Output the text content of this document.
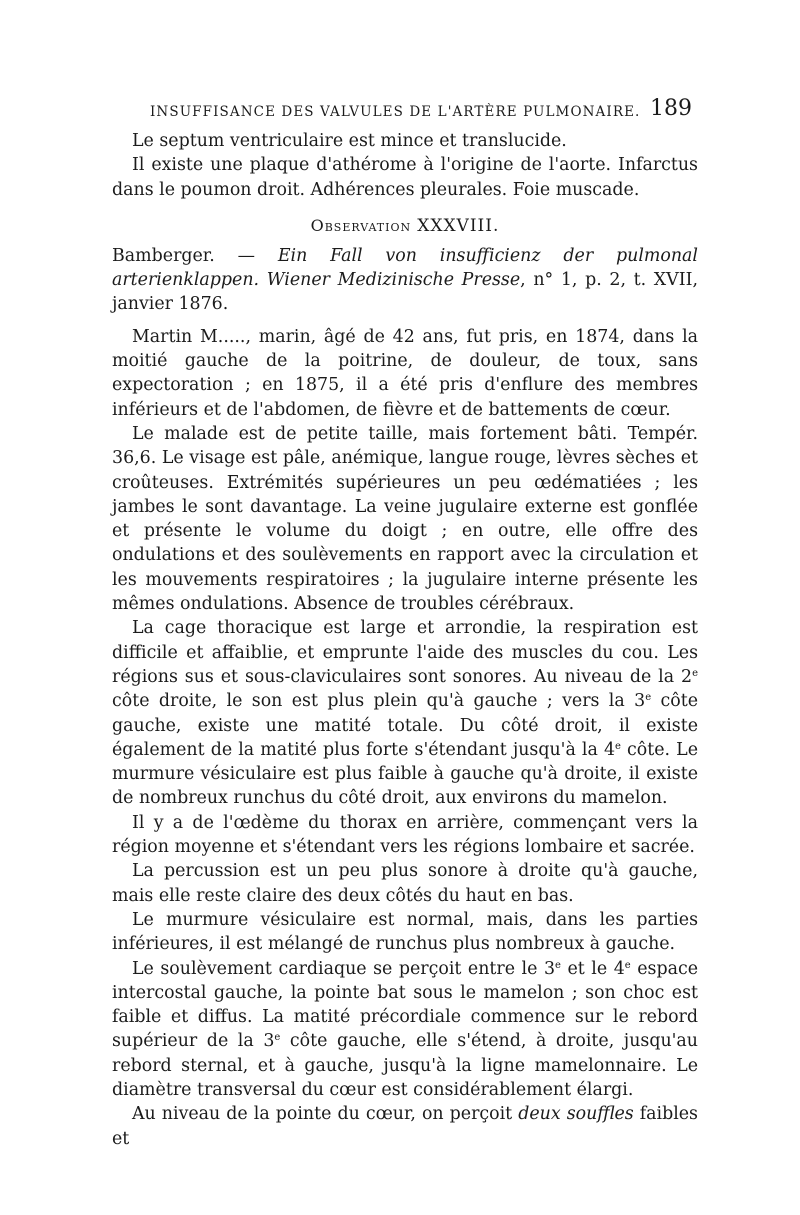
INSUFFISANCE DES VALVULES DE L'ARTÈRE PULMONAIRE. 189

Le septum ventriculaire est mince et translucide.

Il existe une plaque d'athérome à l'origine de l'aorte. Infarctus dans le poumon droit. Adhérences pleurales. Foie muscade.

Observation XXXVIII.
Bamberger. — Ein Fall von insufficienz der pulmonal arterienklappen. Wiener Medizinische Presse, n° 1, p. 2, t. XVII, janvier 1876.

Martin M....., marin, âgé de 42 ans, fut pris, en 1874, dans la moitié gauche de la poitrine, de douleur, de toux, sans expectoration ; en 1875, il a été pris d'enflure des membres inférieurs et de l'abdomen, de fièvre et de battements de cœur.

Le malade est de petite taille, mais fortement bâti. Tempér. 36,6. Le visage est pâle, anémique, langue rouge, lèvres sèches et croûteuses. Extrémités supérieures un peu œdématiées ; les jambes le sont davantage. La veine jugulaire externe est gonflée et présente le volume du doigt ; en outre, elle offre des ondulations et des soulèvements en rapport avec la circulation et les mouvements respiratoires ; la jugulaire interne présente les mêmes ondulations. Absence de troubles cérébraux.

La cage thoracique est large et arrondie, la respiration est difficile et affaiblie, et emprunte l'aide des muscles du cou. Les régions sus et sous-claviculaires sont sonores. Au niveau de la 2e côte droite, le son est plus plein qu'à gauche ; vers la 3e côte gauche, existe une matité totale. Du côté droit, il existe également de la matité plus forte s'étendant jusqu'à la 4e côte. Le murmure vésiculaire est plus faible à gauche qu'à droite, il existe de nombreux runchus du côté droit, aux environs du mamelon.

Il y a de l'œdème du thorax en arrière, commençant vers la région moyenne et s'étendant vers les régions lombaire et sacrée.

La percussion est un peu plus sonore à droite qu'à gauche, mais elle reste claire des deux côtés du haut en bas.

Le murmure vésiculaire est normal, mais, dans les parties inférieures, il est mélangé de runchus plus nombreux à gauche.

Le soulèvement cardiaque se perçoit entre le 3e et le 4e espace intercostal gauche, la pointe bat sous le mamelon ; son choc est faible et diffus. La matité précordiale commence sur le rebord supérieur de la 3e côte gauche, elle s'étend, à droite, jusqu'au rebord sternal, et à gauche, jusqu'à la ligne mamelonnaire. Le diamètre transversal du cœur est considérablement élargi.

Au niveau de la pointe du cœur, on perçoit deux souffles faibles et
